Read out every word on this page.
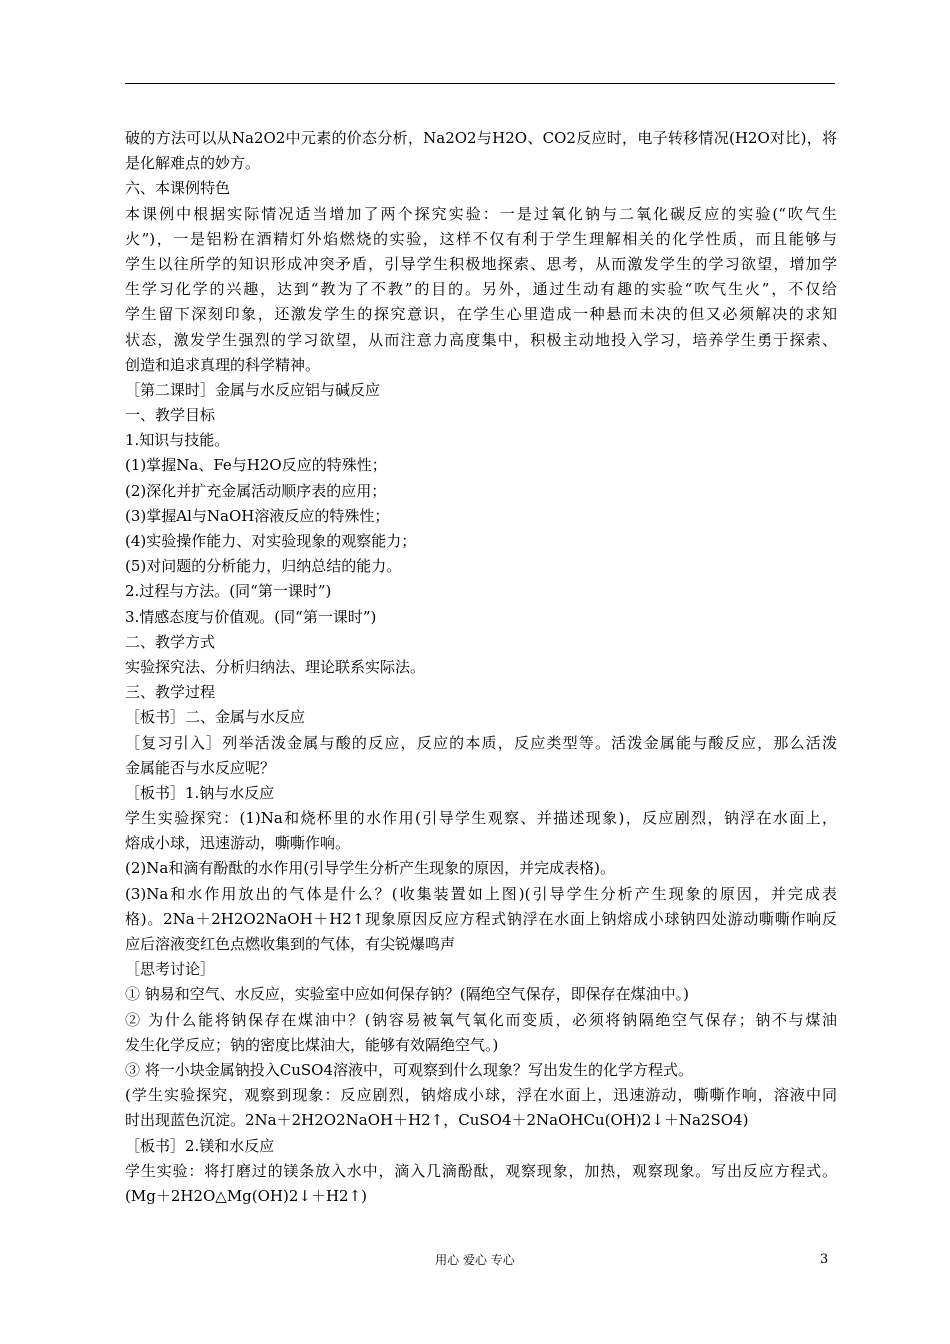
破的方法可以从Na2O2中元素的价态分析，Na2O2与H2O、CO2反应时，电子转移情况(H2O对比)，将
是化解难点的妙方。
六、本课例特色
本课例中根据实际情况适当增加了两个探究实验：一是过氧化钠与二氧化碳反应的实验(“吹气生
火”)，一是铝粉在酒精灯外焰燃烧的实验，这样不仅有利于学生理解相关的化学性质，而且能够与
学生以往所学的知识形成冲突矛盾，引导学生积极地探索、思考，从而激发学生的学习欲望，增加学
生学习化学的兴趣，达到“教为了不教”的目的。另外，通过生动有趣的实验“吹气生火”，不仅给
学生留下深刻印象，还激发学生的探究意识，在学生心里造成一种悬而未决的但又必须解决的求知
状态，激发学生强烈的学习欲望，从而注意力高度集中，积极主动地投入学习，培养学生勇于探索、
创造和追求真理的科学精神。
［第二课时］金属与水反应铝与碱反应
一、教学目标
1.知识与技能。
(1)掌握Na、Fe与H2O反应的特殊性；
(2)深化并扩充金属活动顺序表的应用；
(3)掌握Al与NaOH溶液反应的特殊性；
(4)实验操作能力、对实验现象的观察能力；
(5)对问题的分析能力，归纳总结的能力。
2.过程与方法。(同“第一课时”)
3.情感态度与价值观。(同“第一课时”)
二、教学方式
实验探究法、分析归纳法、理论联系实际法。
三、教学过程
［板书］二、金属与水反应
［复习引入］列举活泼金属与酸的反应，反应的本质，反应类型等。活泼金属能与酸反应，那么活泼
金属能否与水反应呢？
［板书］1.钠与水反应
学生实验探究：(1)Na和烧杯里的水作用(引导学生观察、并描述现象)，反应剧烈，钠浮在水面上，
熔成小球，迅速游动，嘶嘶作响。
(2)Na和滴有酚酞的水作用(引导学生分析产生现象的原因，并完成表格)。
(3)Na和水作用放出的气体是什么？(收集装置如上图)(引导学生分析产生现象的原因，并完成表
格)。2Na＋2H2O2NaOH＋H2↑现象原因反应方程式钠浮在水面上钠熔成小球钠四处游动嘶嘶作响反
应后溶液变红色点燃收集到的气体，有尖锐爆鸣声
［思考讨论］
① 钠易和空气、水反应，实验室中应如何保存钠？(隔绝空气保存，即保存在煤油中。)
② 为什么能将钠保存在煤油中？(钠容易被氧气氧化而变质，必须将钠隔绝空气保存；钠不与煤油
发生化学反应；钠的密度比煤油大，能够有效隔绝空气。)
③ 将一小块金属钠投入CuSO4溶液中，可观察到什么现象？写出发生的化学方程式。
(学生实验探究，观察到现象：反应剧烈，钠熔成小球，浮在水面上，迅速游动，嘶嘶作响，溶液中同
时出现蓝色沉淀。2Na＋2H2O2NaOH＋H2↑，CuSO4＋2NaOHCu(OH)2↓＋Na2SO4)
［板书］2.镁和水反应
学生实验：将打磨过的镁条放入水中，滴入几滴酚酞，观察现象，加热，观察现象。写出反应方程式。
(Mg＋2H2O△Mg(OH)2↓＋H2↑)
用心 爱心 专心	3
